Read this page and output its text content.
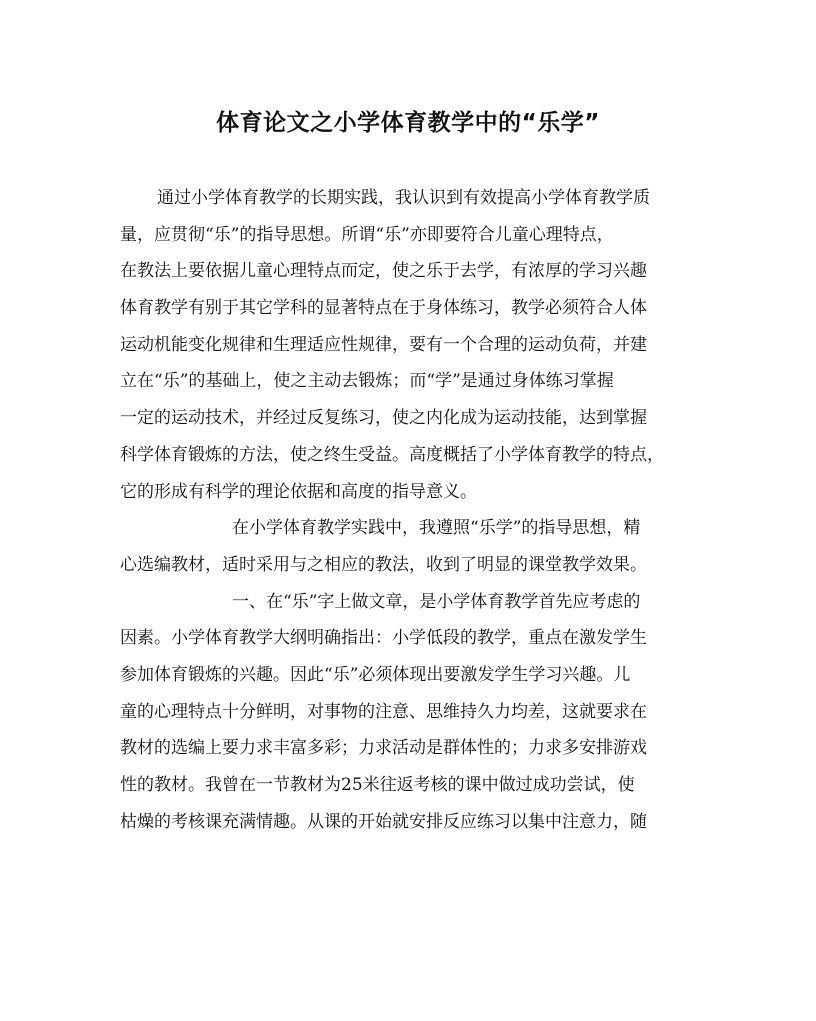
体育论文之小学体育教学中的“乐学”
通过小学体育教学的长期实践，我认识到有效提高小学体育教学质
量，应贯彻“乐”的指导思想。所谓“乐”亦即要符合儿童心理特点，
在教法上要依据儿童心理特点而定，使之乐于去学，有浓厚的学习兴趣
体育教学有别于其它学科的显著特点在于身体练习，教学必须符合人体
运动机能变化规律和生理适应性规律，要有一个合理的运动负荷，并建
立在“乐”的基础上，使之主动去锻炼；而“学”是通过身体练习掌握
一定的运动技术，并经过反复练习，使之内化成为运动技能，达到掌握
科学体育锻炼的方法，使之终生受益。高度概括了小学体育教学的特点，
它的形成有科学的理论依据和高度的指导意义。
在小学体育教学实践中，我遵照“乐学”的指导思想，精
心选编教材，适时采用与之相应的教法，收到了明显的课堂教学效果。
一、在“乐”字上做文章，是小学体育教学首先应考虑的
因素。小学体育教学大纲明确指出：小学低段的教学，重点在激发学生
参加体育锻炼的兴趣。因此“乐”必须体现出要激发学生学习兴趣。儿
童的心理特点十分鲜明，对事物的注意、思维持久力均差，这就要求在
教材的选编上要力求丰富多彩；力求活动是群体性的；力求多安排游戏
性的教材。我曾在一节教材为25米往返考核的课中做过成功尝试，使
枯燥的考核课充满情趣。从课的开始就安排反应练习以集中注意力，随
